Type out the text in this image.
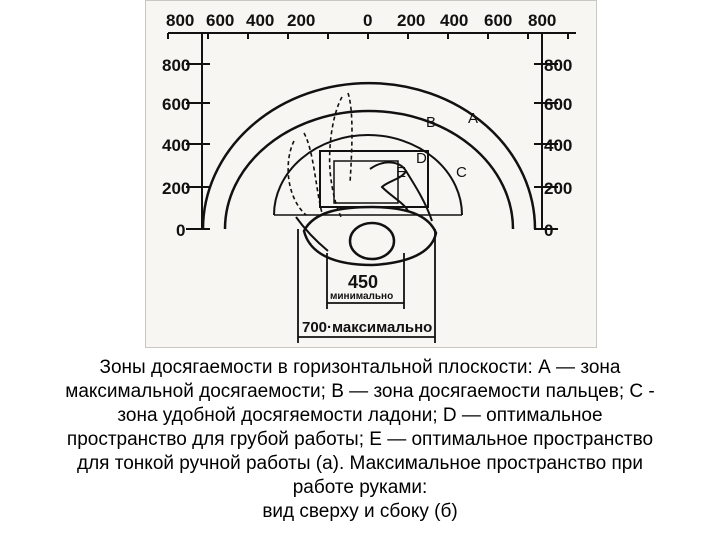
800 600 400 200	0 200 400 600 800
800
600
400
200
0
800
600
400
200
0
A
B
C
D
E
450
минимально
700·максимально
Зоны досягаемости в горизонтальной плоскости: А — зона
максимальной досягаемости; В — зона досягаемости пальцев; С -
зона удобной досягяемости ладони; D — оптимальное
пространство для грубой работы; Е — оптимальное пространство
для тонкой ручной работы (а). Максимальное пространство при
работе руками:
вид сверху и сбоку (б)
